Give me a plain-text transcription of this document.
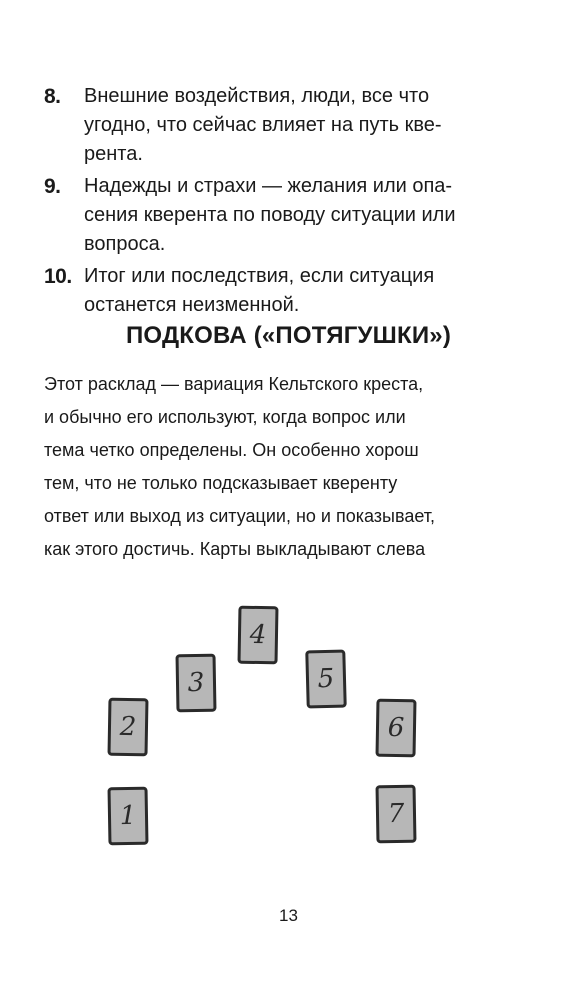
8.	Внешние воздействия, люди, все что
угодно, что сейчас влияет на путь кве-
рента.
9.	Надежды и страхи — желания или опа-
сения кверента по поводу ситуации или
вопроса.
10. Итог или последствия, если ситуация
останется неизменной.
ПОДКОВА («ПОТЯГУШКИ»)
Этот расклад — вариация Кельтского креста,
и обычно его используют, когда вопрос или
тема четко определены. Он особенно хорош
тем, что не только подсказывает кверенту
ответ или выход из ситуации, но и показывает,
как этого достичь. Карты выкладывают слева
1
2
3
4
5
6
7
13
